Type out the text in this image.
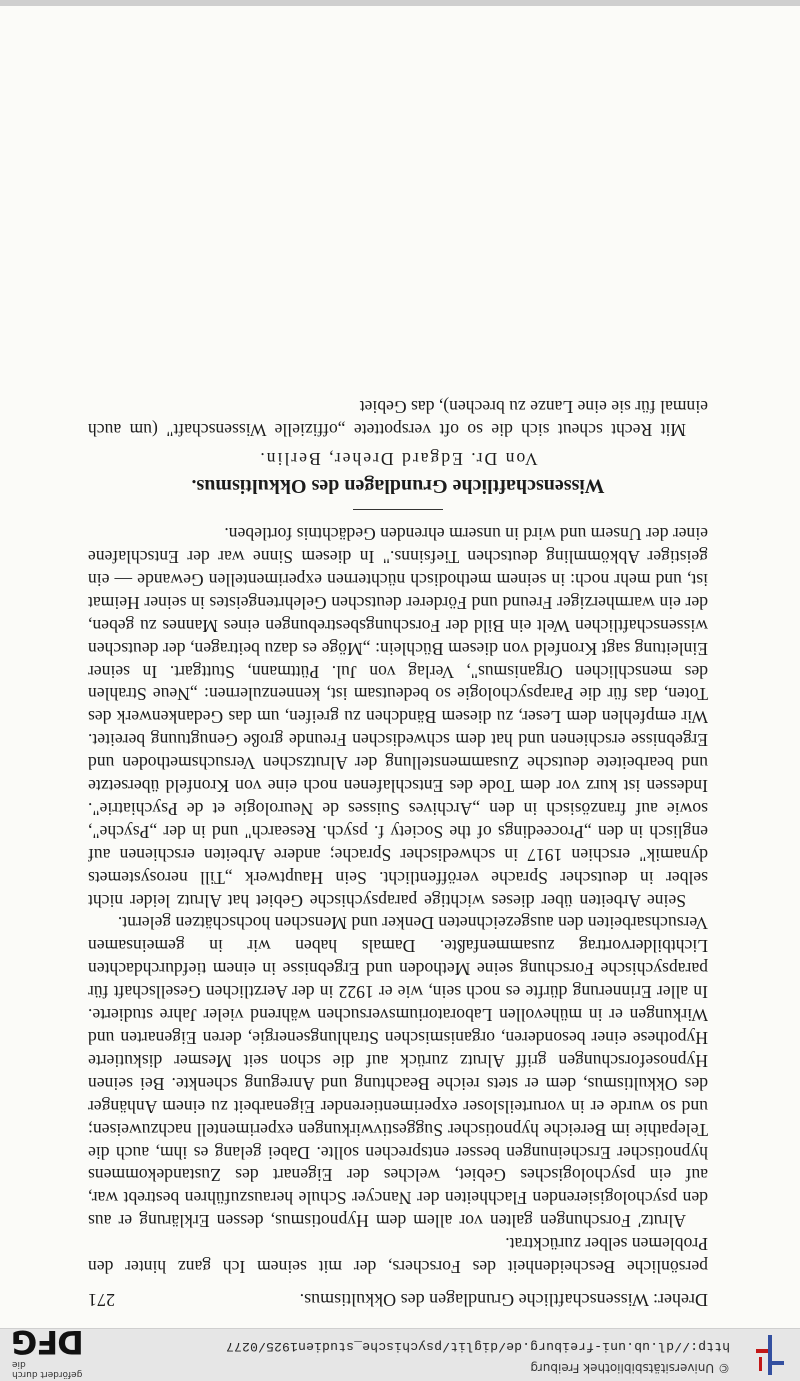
© Universitätsbibliothek Freiburg
http://dl.ub.uni-freiburg.de/diglit/psychische_studien1925/0277
gefördert durch die
DFG
Dreher: Wissenschaftliche Grundlagen des Okkultismus.
271

persönliche Bescheidenheit des Forschers, der mit seinem Ich ganz hinter den Problemen selber zurücktrat.

Alrutz' Forschungen galten vor allem dem Hypnotismus, dessen Erklärung er aus den psychologisierenden Flachheiten der Nancyer Schule herauszuführen bestrebt war, auf ein psychologisches Gebiet, welches der Eigenart des Zustandekommens hypnotischer Erscheinungen besser entsprechen sollte. Dabei gelang es ihm, auch die Telepathie im Bereiche hypnotischer Suggestivwirkungen experimentell nachzuweisen; und so wurde er in vorurteilsloser experimentierender Eigenarbeit zu einem Anhänger des Okkultismus, dem er stets reiche Beachtung und Anregung schenkte. Bei seinen Hypnoseforschungen griff Alrutz zurück auf die schon seit Mesmer diskutierte Hypothese einer besonderen, organismischen Strahlungsenergie, deren Eigenarten und Wirkungen er in mühevollen Laboratoriumsversuchen während vieler Jahre studierte. In aller Erinnerung dürfte es noch sein, wie er 1922 in der Aerztlichen Gesellschaft für parapsychische Forschung seine Methoden und Ergebnisse in einem tiefdurchdachten Lichtbildervortrag zusammenfaßte. Damals haben wir in gemeinsamen Versuchsarbeiten den ausgezeichneten Denker und Menschen hochschätzen gelernt.

Seine Arbeiten über dieses wichtige parapsychische Gebiet hat Alrutz leider nicht selber in deutscher Sprache veröffentlicht. Sein Hauptwerk „Till nerosystemets dynamik" erschien 1917 in schwedischer Sprache; andere Arbeiten erschienen auf englisch in den „Proceedings of the Society f. psych. Research" und in der „Psyche", sowie auf französisch in den „Archives Suisses de Neurologie et de Psychiatrie". Indessen ist kurz vor dem Tode des Entschlafenen noch eine von Kronfeld übersetzte und bearbeitete deutsche Zusammenstellung der Alrutzschen Versuchsmethoden und Ergebnisse erschienen und hat dem schwedischen Freunde große Genugtuung bereitet. Wir empfehlen dem Leser, zu diesem Bändchen zu greifen, um das Gedankenwerk des Toten, das für die Parapsychologie so bedeutsam ist, kennenzulernen: „Neue Strahlen des menschlichen Organismus", Verlag von Jul. Püttmann, Stuttgart. In seiner Einleitung sagt Kronfeld von diesem Büchlein: „Möge es dazu beitragen, der deutschen wissenschaftlichen Welt ein Bild der Forschungsbestrebungen eines Mannes zu geben, der ein warmherziger Freund und Förderer deutschen Gelehrtengeistes in seiner Heimat ist, und mehr noch: in seinem methodisch nüchternen experimentellen Gewande — ein geistiger Abkömmling deutschen Tiefsinns." In diesem Sinne war der Entschlafene einer der Unsern und wird in unserm ehrenden Gedächtnis fortleben.

Wissenschaftliche Grundlagen des Okkultismus.
Von Dr. Edgard Dreher, Berlin.

Mit Recht scheut sich die so oft verspottete „offizielle Wissenschaft" (um auch einmal für sie eine Lanze zu brechen), das Gebiet
